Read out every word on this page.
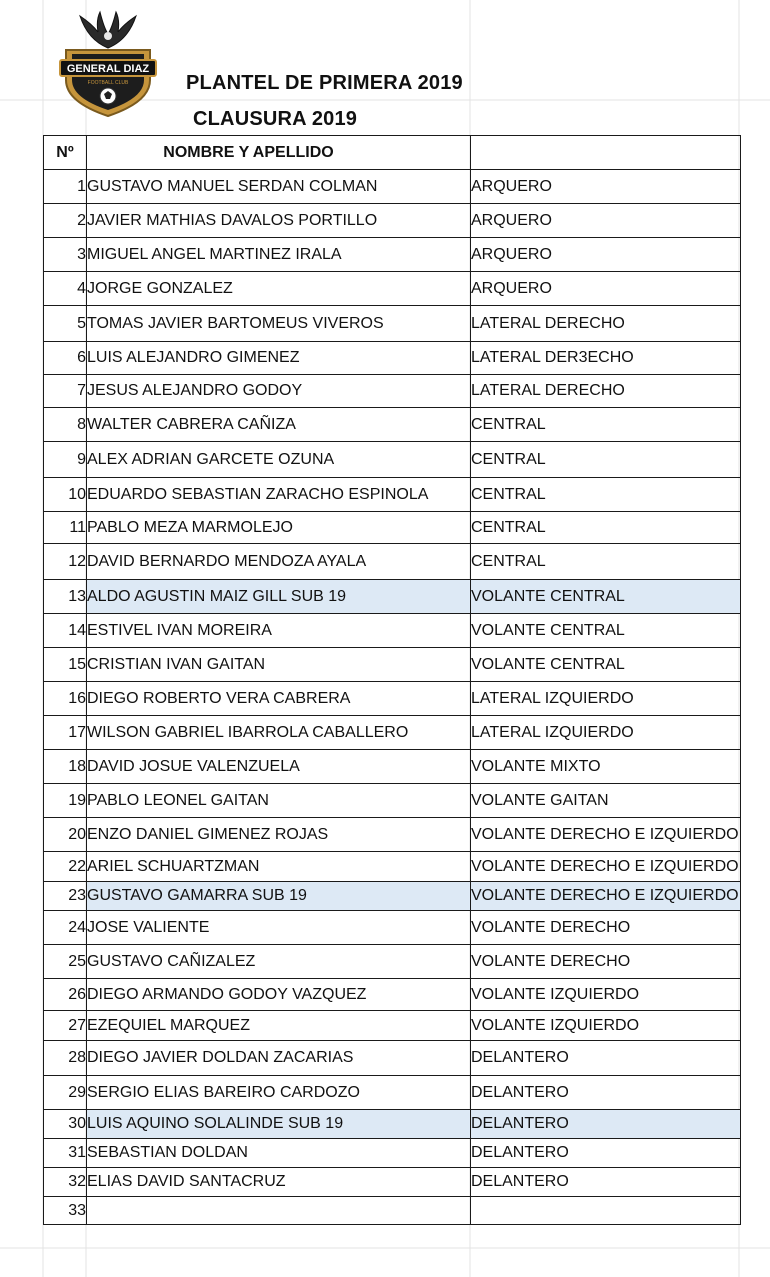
GENERAL DIAZ
FOOTBALL CLUB	PLANTEL DE PRIMERA 2019
CLAUSURA 2019
Nº	NOMBRE Y APELLIDO	
1	GUSTAVO MANUEL SERDAN COLMAN	ARQUERO
2	JAVIER MATHIAS DAVALOS PORTILLO	ARQUERO
3	MIGUEL ANGEL MARTINEZ IRALA	ARQUERO
4	JORGE GONZALEZ	ARQUERO
5	TOMAS JAVIER BARTOMEUS VIVEROS	LATERAL DERECHO
6	LUIS ALEJANDRO GIMENEZ	LATERAL DER3ECHO
7	JESUS ALEJANDRO GODOY	LATERAL DERECHO
8	WALTER CABRERA CAÑIZA	CENTRAL
9	ALEX ADRIAN GARCETE OZUNA	CENTRAL
10	EDUARDO SEBASTIAN ZARACHO ESPINOLA	CENTRAL
11	PABLO MEZA MARMOLEJO	CENTRAL
12	DAVID BERNARDO MENDOZA AYALA	CENTRAL
13	ALDO AGUSTIN MAIZ GILL SUB 19	VOLANTE CENTRAL
14	ESTIVEL IVAN MOREIRA	VOLANTE CENTRAL
15	CRISTIAN IVAN GAITAN	VOLANTE CENTRAL
16	DIEGO ROBERTO VERA CABRERA	LATERAL IZQUIERDO
17	WILSON GABRIEL IBARROLA CABALLERO	LATERAL IZQUIERDO
18	DAVID JOSUE VALENZUELA	VOLANTE MIXTO
19	PABLO LEONEL GAITAN	VOLANTE GAITAN
20	ENZO DANIEL GIMENEZ ROJAS	VOLANTE DERECHO E IZQUIERDO
22	ARIEL SCHUARTZMAN	VOLANTE DERECHO E IZQUIERDO
23	GUSTAVO GAMARRA SUB 19	VOLANTE DERECHO E IZQUIERDO
24	JOSE VALIENTE	VOLANTE DERECHO
25	GUSTAVO CAÑIZALEZ	VOLANTE DERECHO
26	DIEGO ARMANDO GODOY VAZQUEZ	VOLANTE IZQUIERDO
27	EZEQUIEL MARQUEZ	VOLANTE IZQUIERDO
28	DIEGO JAVIER DOLDAN ZACARIAS	DELANTERO
29	SERGIO ELIAS BAREIRO CARDOZO	DELANTERO
30	LUIS AQUINO SOLALINDE SUB 19	DELANTERO
31	SEBASTIAN DOLDAN	DELANTERO
32	ELIAS DAVID SANTACRUZ	DELANTERO
33		
